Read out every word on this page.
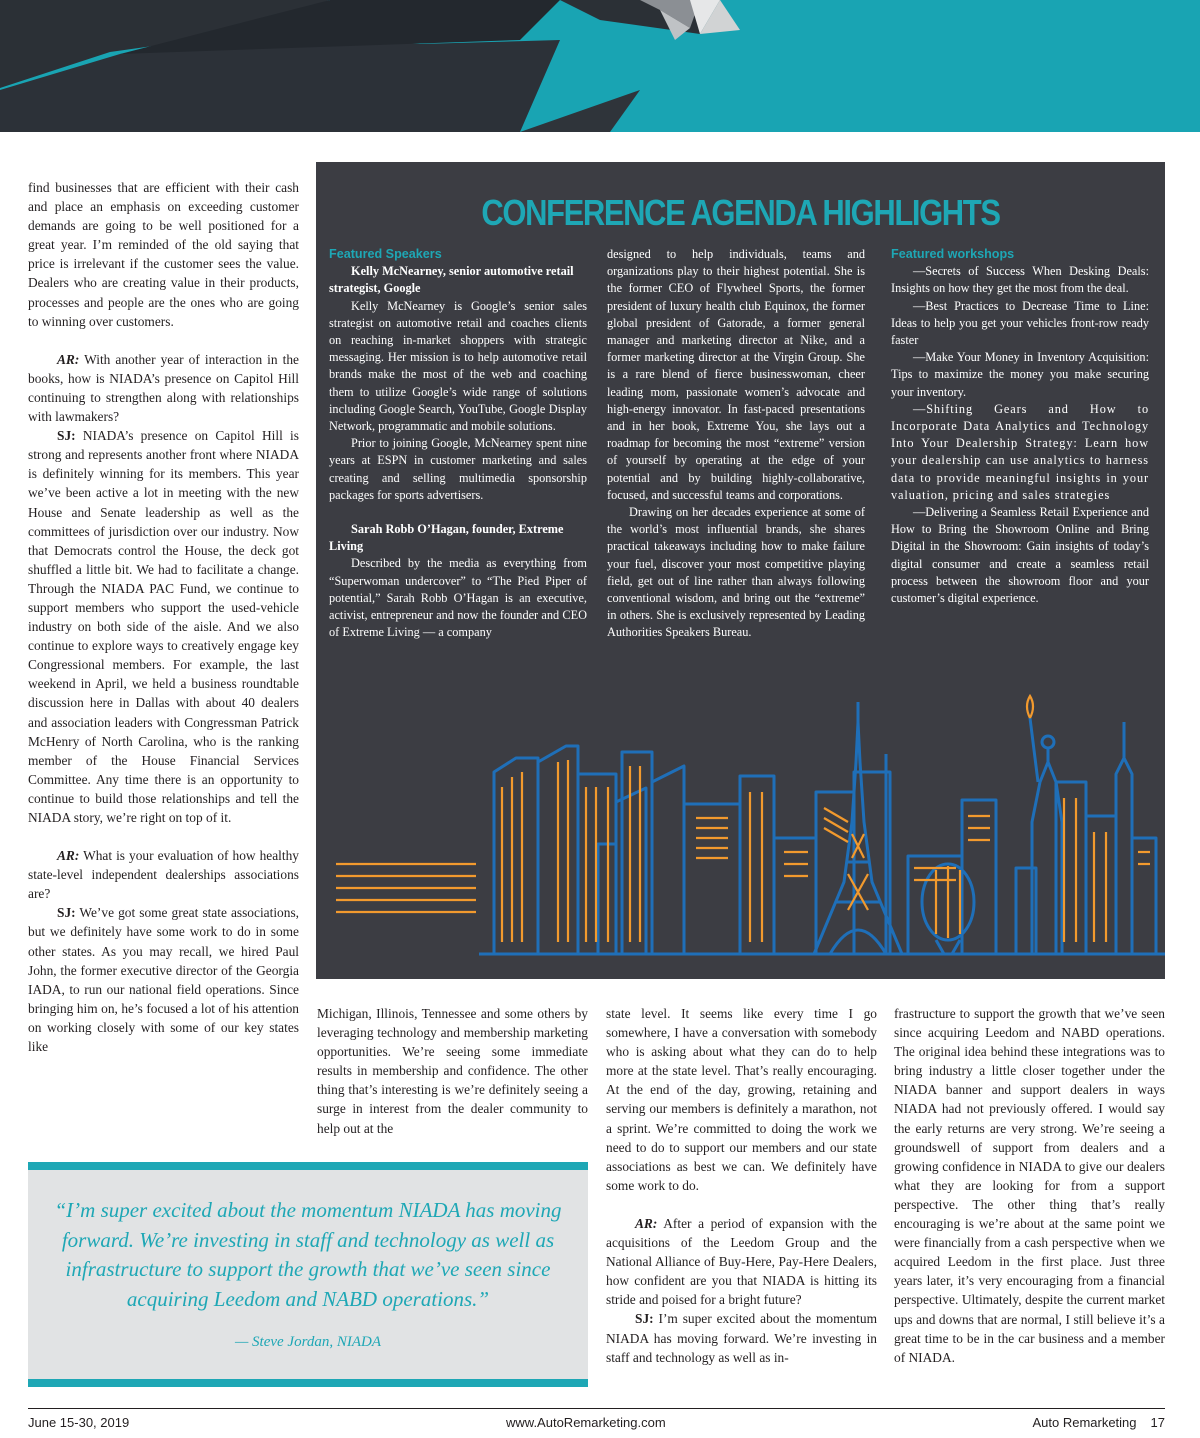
find businesses that are efficient with their cash and place an emphasis on exceeding customer demands are going to be well positioned for a great year. I’m reminded of the old saying that price is irrelevant if the customer sees the value. Dealers who are creating value in their products, processes and people are the ones who are going to winning over customers.

AR: With another year of interaction in the books, how is NIADA’s presence on Capitol Hill continuing to strengthen along with relationships with lawmakers?

SJ: NIADA’s presence on Capitol Hill is strong and represents another front where NIADA is definitely winning for its members. This year we’ve been active a lot in meeting with the new House and Senate leadership as well as the committees of jurisdiction over our industry. Now that Democrats control the House, the deck got shuffled a little bit. We had to facilitate a change. Through the NIADA PAC Fund, we continue to support members who support the used-vehicle industry on both side of the aisle. And we also continue to explore ways to creatively engage key Congressional members. For example, the last weekend in April, we held a business roundtable discussion here in Dallas with about 40 dealers and association leaders with Congressman Patrick McHenry of North Carolina, who is the ranking member of the House Financial Services Committee. Any time there is an opportunity to continue to build those relationships and tell the NIADA story, we’re right on top of it.

AR: What is your evaluation of how healthy state-level independent dealerships associations are?

SJ: We’ve got some great state associations, but we definitely have some work to do in some other states. As you may recall, we hired Paul John, the former executive director of the Georgia IADA, to run our national field operations. Since bringing him on, he’s focused a lot of his attention on working closely with some of our key states like

CONFERENCE AGENDA HIGHLIGHTS

Featured Speakers

Kelly McNearney, senior automotive retail strategist, Google

Kelly McNearney is Google’s senior sales strategist on automotive retail and coaches clients on reaching in-market shoppers with strategic messaging. Her mission is to help automotive retail brands make the most of the web and coaching them to utilize Google’s wide range of solutions including Google Search, YouTube, Google Display Network, programmatic and mobile solutions.

Prior to joining Google, McNearney spent nine years at ESPN in customer marketing and sales creating and selling multimedia sponsorship packages for sports advertisers.

Sarah Robb O’Hagan, founder, Extreme Living

Described by the media as everything from “Superwoman undercover” to “The Pied Piper of potential,” Sarah Robb O’Hagan is an executive, activist, entrepreneur and now the founder and CEO of Extreme Living — a company

designed to help individuals, teams and organizations play to their highest potential. She is the former CEO of Flywheel Sports, the former president of luxury health club Equinox, the former global president of Gatorade, a former general manager and marketing director at Nike, and a former marketing director at the Virgin Group. She is a rare blend of fierce businesswoman, cheer leading mom, passionate women’s advocate and high-energy innovator. In fast-paced presentations and in her book, Extreme You, she lays out a roadmap for becoming the most “extreme” version of yourself by operating at the edge of your potential and by building highly-collaborative, focused, and successful teams and corporations.

Drawing on her decades experience at some of the world’s most influential brands, she shares practical takeaways including how to make failure your fuel, discover your most competitive playing field, get out of line rather than always following conventional wisdom, and bring out the “extreme” in others. She is exclusively represented by Leading Authorities Speakers Bureau.

Featured workshops

—Secrets of Success When Desking Deals: Insights on how they get the most from the deal.

—Best Practices to Decrease Time to Line: Ideas to help you get your vehicles front-row ready faster

—Make Your Money in Inventory Acquisition: Tips to maximize the money you make securing your inventory.

—Shifting Gears and How to Incorporate Data Analytics and Technology Into Your Dealership Strategy: Learn how your dealership can use analytics to harness data to provide meaningful insights in your valuation, pricing and sales strategies

—Delivering a Seamless Retail Experience and How to Bring the Showroom Online and Bring Digital in the Showroom: Gain insights of today’s digital consumer and create a seamless retail process between the showroom floor and your customer’s digital experience.

Michigan, Illinois, Tennessee and some others by leveraging technology and membership marketing opportunities. We’re seeing some immediate results in membership and confidence. The other thing that’s interesting is we’re definitely seeing a surge in interest from the dealer community to help out at the

state level. It seems like every time I go somewhere, I have a conversation with somebody who is asking about what they can do to help more at the state level. That’s really encouraging. At the end of the day, growing, retaining and serving our members is definitely a marathon, not a sprint. We’re committed to doing the work we need to do to support our members and our state associations as best we can. We definitely have some work to do.

AR: After a period of expansion with the acquisitions of the Leedom Group and the National Alliance of Buy-Here, Pay-Here Dealers, how confident are you that NIADA is hitting its stride and poised for a bright future?

SJ: I’m super excited about the momentum NIADA has moving forward. We’re investing in staff and technology as well as in-

frastructure to support the growth that we’ve seen since acquiring Leedom and NABD operations. The original idea behind these integrations was to bring industry a little closer together under the NIADA banner and support dealers in ways NIADA had not previously offered. I would say the early returns are very strong. We’re seeing a groundswell of support from dealers and a growing confidence in NIADA to give our dealers what they are looking for from a support perspective. The other thing that’s really encouraging is we’re about at the same point we were financially from a cash perspective when we acquired Leedom in the first place. Just three years later, it’s very encouraging from a financial perspective. Ultimately, despite the current market ups and downs that are normal, I still believe it’s a great time to be in the car business and a member of NIADA.

“I’m super excited about the momentum NIADA has moving forward. We’re investing in staff and technology as well as infrastructure to support the growth that we’ve seen since acquiring Leedom and NABD operations.”
— Steve Jordan, NIADA
June 15-30, 2019	www.AutoRemarketing.com	Auto Remarketing 17
